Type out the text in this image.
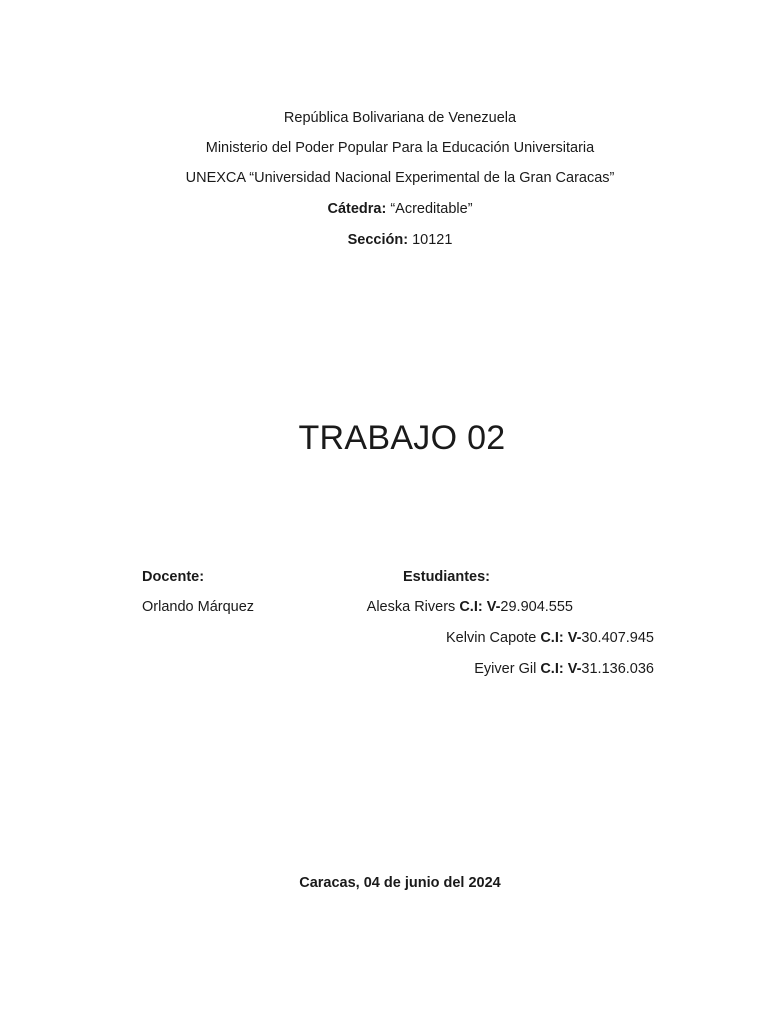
República Bolivariana de Venezuela
Ministerio del Poder Popular Para la Educación Universitaria
UNEXCA “Universidad Nacional Experimental de la Gran Caracas”
Cátedra: “Acreditable”
Sección: 10121
TRABAJO 02
Docente:
Orlando Márquez
Estudiantes:
Aleska Rivers C.I: V-29.904.555
Kelvin Capote C.I: V-30.407.945
Eyiver Gil C.I: V-31.136.036
Caracas, 04 de junio del 2024
